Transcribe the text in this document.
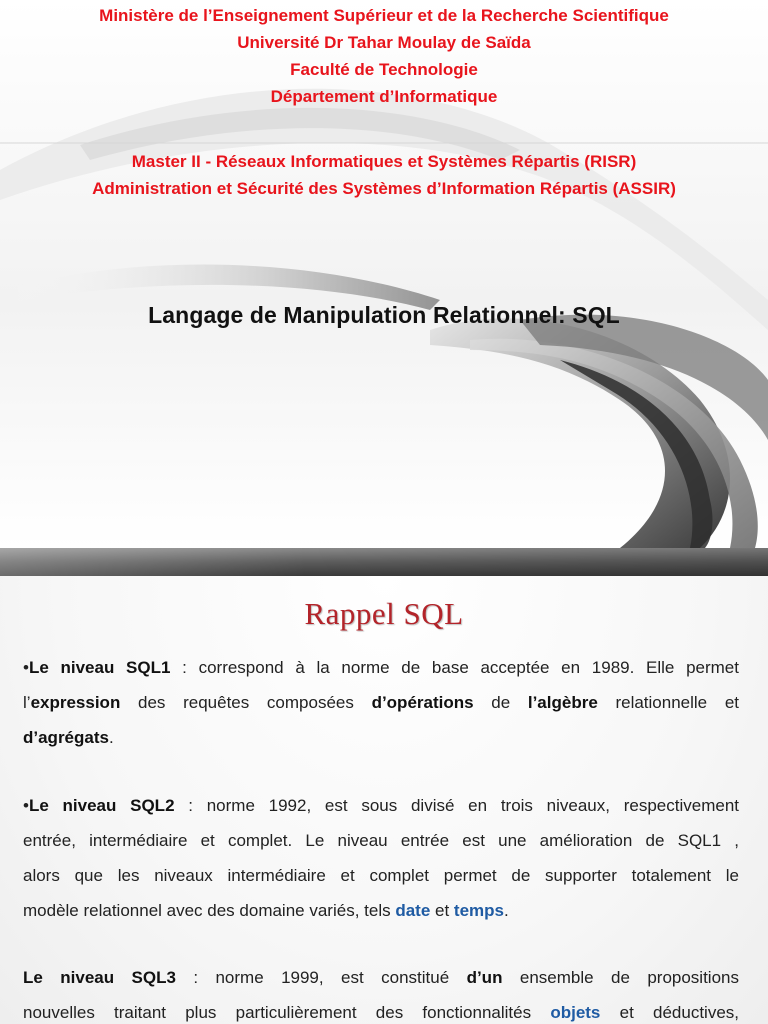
Ministère de l’Enseignement Supérieur et de la Recherche Scientifique
Université Dr Tahar Moulay de Saïda
Faculté de Technologie
Département d’Informatique
Master II - Réseaux Informatiques et Systèmes Répartis (RISR)
Administration et Sécurité des Systèmes d’Information Répartis (ASSIR)
Langage de Manipulation Relationnel: SQL
Rappel SQL
•Le niveau SQL1 : correspond à la norme de base acceptée en 1989. Elle permet
l’expression des requêtes composées d’opérations de l’algèbre relationnelle et
d’agrégats.
•Le niveau SQL2 : norme 1992, est sous divisé en trois niveaux, respectivement
entrée, intermédiaire et complet. Le niveau entrée est une amélioration de SQL1 ,
alors que les niveaux intermédiaire et complet permet de supporter totalement le
modèle relationnel avec des domaine variés, tels date et temps.
Le niveau SQL3 : norme 1999, est constitué d’un ensemble de propositions
nouvelles traitant plus particulièrement des fonctionnalités objets et déductives,
